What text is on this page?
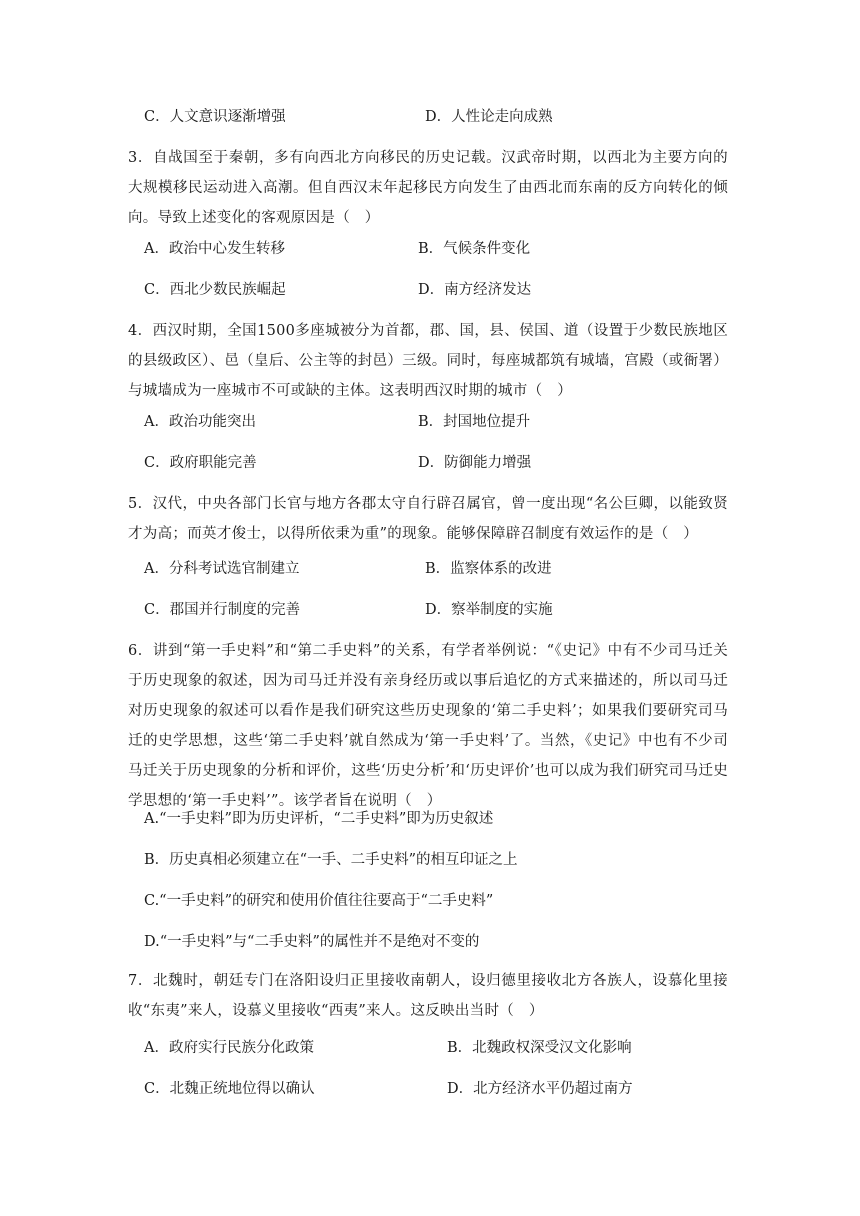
C．人文意识逐渐增强	D．人性论走向成熟

3．自战国至于秦朝，多有向西北方向移民的历史记载。汉武帝时期，以西北为主要方向的大规模移民运动进入高潮。但自西汉末年起移民方向发生了由西北而东南的反方向转化的倾向。导致上述变化的客观原因是（　）

A．政治中心发生转移	B．气候条件变化

C．西北少数民族崛起	D．南方经济发达

4．西汉时期，全国1500多座城被分为首都，郡、国，县、侯国、道（设置于少数民族地区的县级政区）、邑（皇后、公主等的封邑）三级。同时，每座城都筑有城墙，宫殿（或衙署）与城墙成为一座城市不可或缺的主体。这表明西汉时期的城市（　）

A．政治功能突出	B．封国地位提升

C．政府职能完善	D．防御能力增强

5．汉代，中央各部门长官与地方各郡太守自行辟召属官，曾一度出现“名公巨卿，以能致贤才为高；而英才俊士，以得所依秉为重”的现象。能够保障辟召制度有效运作的是（　）

A．分科考试选官制建立	B．监察体系的改进

C．郡国并行制度的完善	D．察举制度的实施

6．讲到“第一手史料”和“第二手史料”的关系，有学者举例说：“《史记》中有不少司马迁关于历史现象的叙述，因为司马迁并没有亲身经历或以事后追忆的方式来描述的，所以司马迁对历史现象的叙述可以看作是我们研究这些历史现象的‘第二手史料’；如果我们要研究司马迁的史学思想，这些‘第二手史料’就自然成为‘第一手史料’了。当然，《史记》中也有不少司马迁关于历史现象的分析和评价，这些‘历史分析’和‘历史评价’也可以成为我们研究司马迁史学思想的‘第一手史料’”。该学者旨在说明（　）

A.“一手史料”即为历史评析，“二手史料”即为历史叙述

B．历史真相必须建立在“一手、二手史料”的相互印证之上

C.“一手史料”的研究和使用价值往往要高于“二手史料”

D.“一手史料”与“二手史料”的属性并不是绝对不变的

7．北魏时，朝廷专门在洛阳设归正里接收南朝人，设归德里接收北方各族人，设慕化里接收“东夷”来人，设慕义里接收“西夷”来人。这反映出当时（　）

A．政府实行民族分化政策	B．北魏政权深受汉文化影响

C．北魏正统地位得以确认	D．北方经济水平仍超过南方
